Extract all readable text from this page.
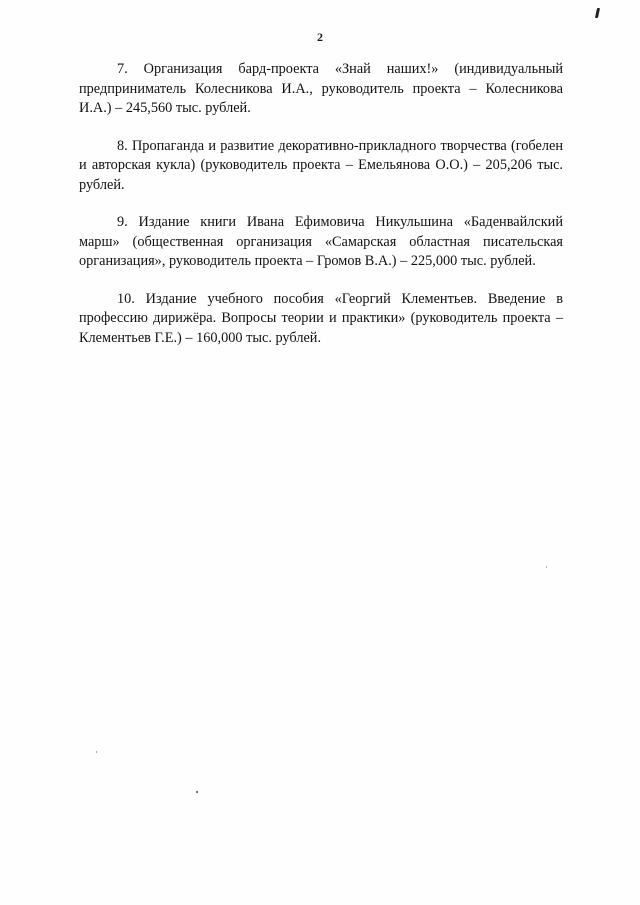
2

7. Организация бард-проекта «Знай наших!» (индивидуальный предприниматель Колесникова И.А., руководитель проекта – Колесникова И.А.) – 245,560 тыс. рублей.

8. Пропаганда и развитие декоративно-прикладного творчества (гобелен и авторская кукла) (руководитель проекта – Емельянова О.О.) – 205,206 тыс. рублей.

9. Издание книги Ивана Ефимовича Никульшина «Баденвайлский марш» (общественная организация «Самарская областная писательская организация», руководитель проекта – Громов В.А.) – 225,000 тыс. рублей.

10. Издание учебного пособия «Георгий Клементьев. Введение в профессию дирижёра. Вопросы теории и практики» (руководитель проекта – Клементьев Г.Е.) – 160,000 тыс. рублей.
